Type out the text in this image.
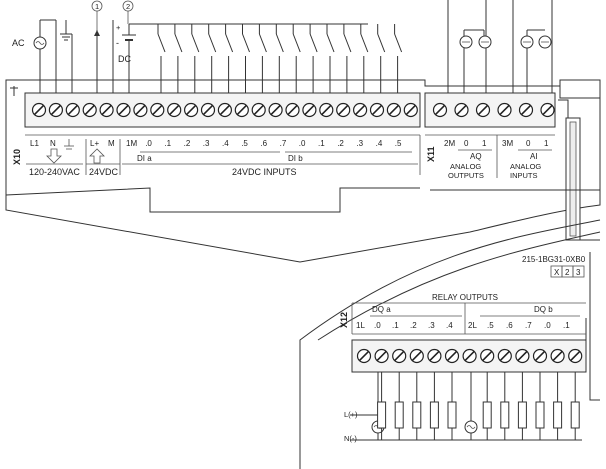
1	2
AC
+
-
DC
X10
L1 N
120-240VAC
L+ M
24VDC
1M .0 .1 .2 .3 .4 .5 .6 .7 .0 .1 .2 .3 .4 .5
DI a	DI b
24VDC INPUTS
X11
2M 0 1
AQ
ANALOG
OUTPUTS
3M 0 1
AI
ANALOG
INPUTS
215-1BG31-0XB0
X 2 3
RELAY OUTPUTS
X12
DQ a	DQ b
1L .0 .1 .2 .3 .4 2L .5 .6 .7 .0 .1
L(+)
N(-)
